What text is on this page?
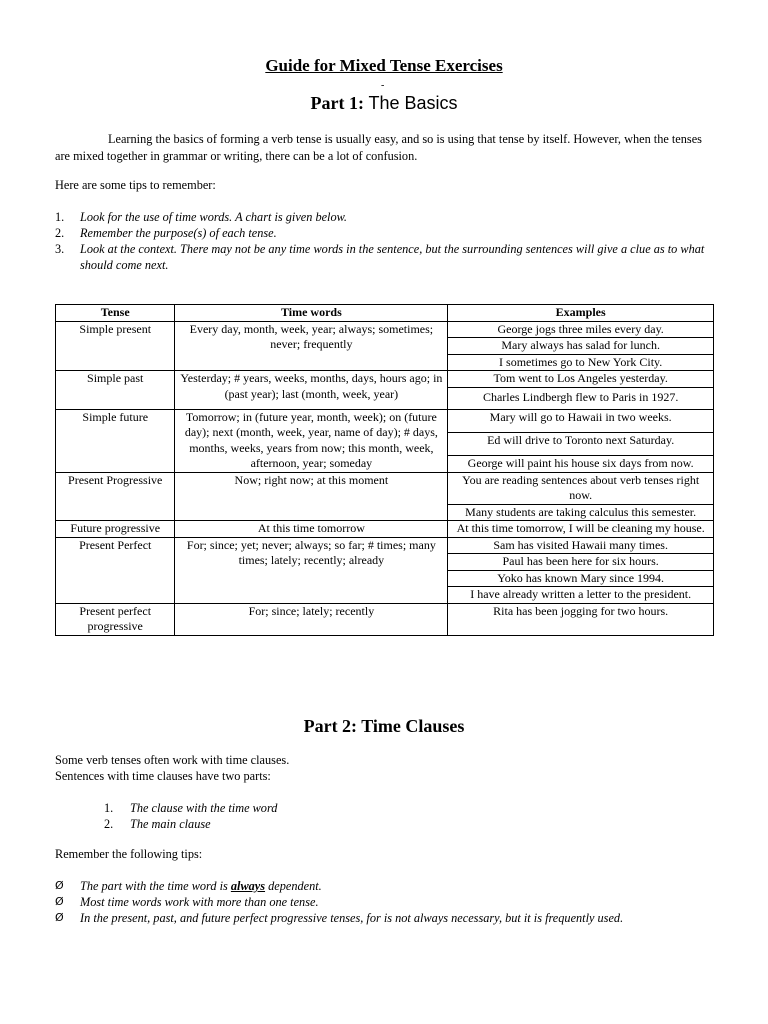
Guide for Mixed Tense Exercises
-
Part 1: The Basics
Learning the basics of forming a verb tense is usually easy, and so is using that tense by itself. However, when the tenses are mixed together in grammar or writing, there can be a lot of confusion.
Here are some tips to remember:
1. Look for the use of time words. A chart is given below.
2. Remember the purpose(s) of each tense.
3. Look at the context. There may not be any time words in the sentence, but the surrounding sentences will give a clue as to what should come next.
Tense	Time words	Examples
Simple present	Every day, month, week, year; always; sometimes; never; frequently	George jogs three miles every day.
		Mary always has salad for lunch.
		I sometimes go to New York City.
Simple past	Yesterday; # years, weeks, months, days, hours ago; in (past year); last (month, week, year)	Tom went to Los Angeles yesterday.
		Charles Lindbergh flew to Paris in 1927.
Simple future	Tomorrow; in (future year, month, week); on (future day); next (month, week, year, name of day); # days, months, weeks, years from now; this month, week, afternoon, year; someday	Mary will go to Hawaii in two weeks.
		Ed will drive to Toronto next Saturday.
		George will paint his house six days from now.
Present Progressive	Now; right now; at this moment	You are reading sentences about verb tenses right now.
		Many students are taking calculus this semester.
Future progressive	At this time tomorrow	At this time tomorrow, I will be cleaning my house.
Present Perfect	For; since; yet; never; always; so far; # times; many times; lately; recently; already	Sam has visited Hawaii many times.
		Paul has been here for six hours.
		Yoko has known Mary since 1994.
		I have already written a letter to the president.
Present perfect progressive	For; since; lately; recently	Rita has been jogging for two hours.
Part 2: Time Clauses
Some verb tenses often work with time clauses.
Sentences with time clauses have two parts:
1. The clause with the time word
2. The main clause
Remember the following tips:
Ø The part with the time word is always dependent.
Ø Most time words work with more than one tense.
Ø In the present, past, and future perfect progressive tenses, for is not always necessary, but it is frequently used.
